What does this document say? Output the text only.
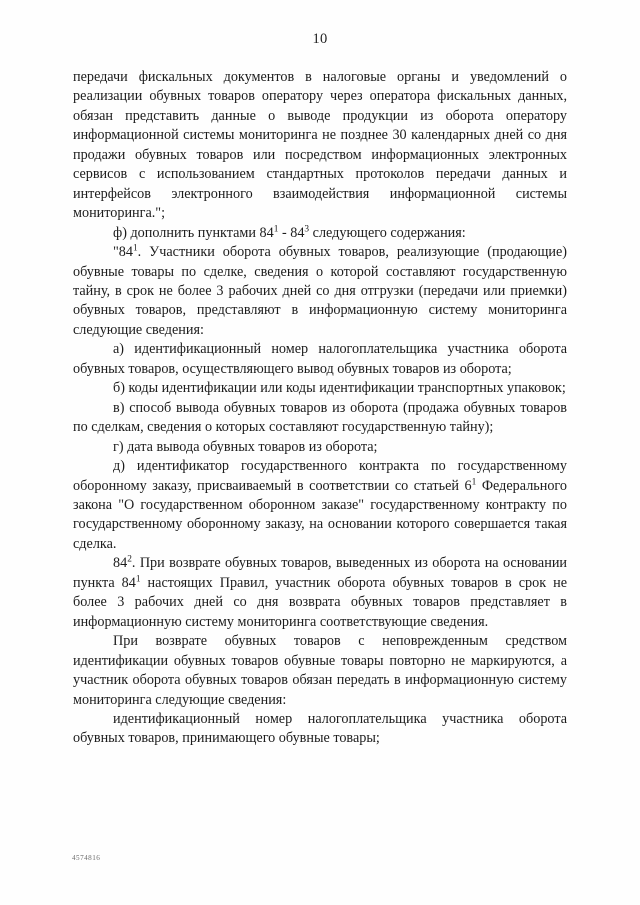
10

передачи фискальных документов в налоговые органы и уведомлений о реализации обувных товаров оператору через оператора фискальных данных, обязан представить данные о выводе продукции из оборота оператору информационной системы мониторинга не позднее 30 календарных дней со дня продажи обувных товаров или посредством информационных электронных сервисов с использованием стандартных протоколов передачи данных и интерфейсов электронного взаимодействия информационной системы мониторинга.";

ф) дополнить пунктами $84^1 - 84^3$ следующего содержания:

"$84^1$. Участники оборота обувных товаров, реализующие (продающие) обувные товары по сделке, сведения о которой составляют государственную тайну, в срок не более 3 рабочих дней со дня отгрузки (передачи или приемки) обувных товаров, представляют в информационную систему мониторинга следующие сведения:

а) идентификационный номер налогоплательщика участника оборота обувных товаров, осуществляющего вывод обувных товаров из оборота;

б) коды идентификации или коды идентификации транспортных упаковок;

в) способ вывода обувных товаров из оборота (продажа обувных товаров по сделкам, сведения о которых составляют государственную тайну);

г) дата вывода обувных товаров из оборота;

д) идентификатор государственного контракта по государственному оборонному заказу, присваиваемый в соответствии со статьей $6^1$ Федерального закона "О государственном оборонном заказе" государственному контракту по государственному оборонному заказу, на основании которого совершается такая сделка.

$84^2$. При возврате обувных товаров, выведенных из оборота на основании пункта $84^1$ настоящих Правил, участник оборота обувных товаров в срок не более 3 рабочих дней со дня возврата обувных товаров представляет в информационную систему мониторинга соответствующие сведения.

При возврате обувных товаров с неповрежденным средством идентификации обувных товаров обувные товары повторно не маркируются, а участник оборота обувных товаров обязан передать в информационную систему мониторинга следующие сведения:

идентификационный номер налогоплательщика участника оборота обувных товаров, принимающего обувные товары;

4574816
